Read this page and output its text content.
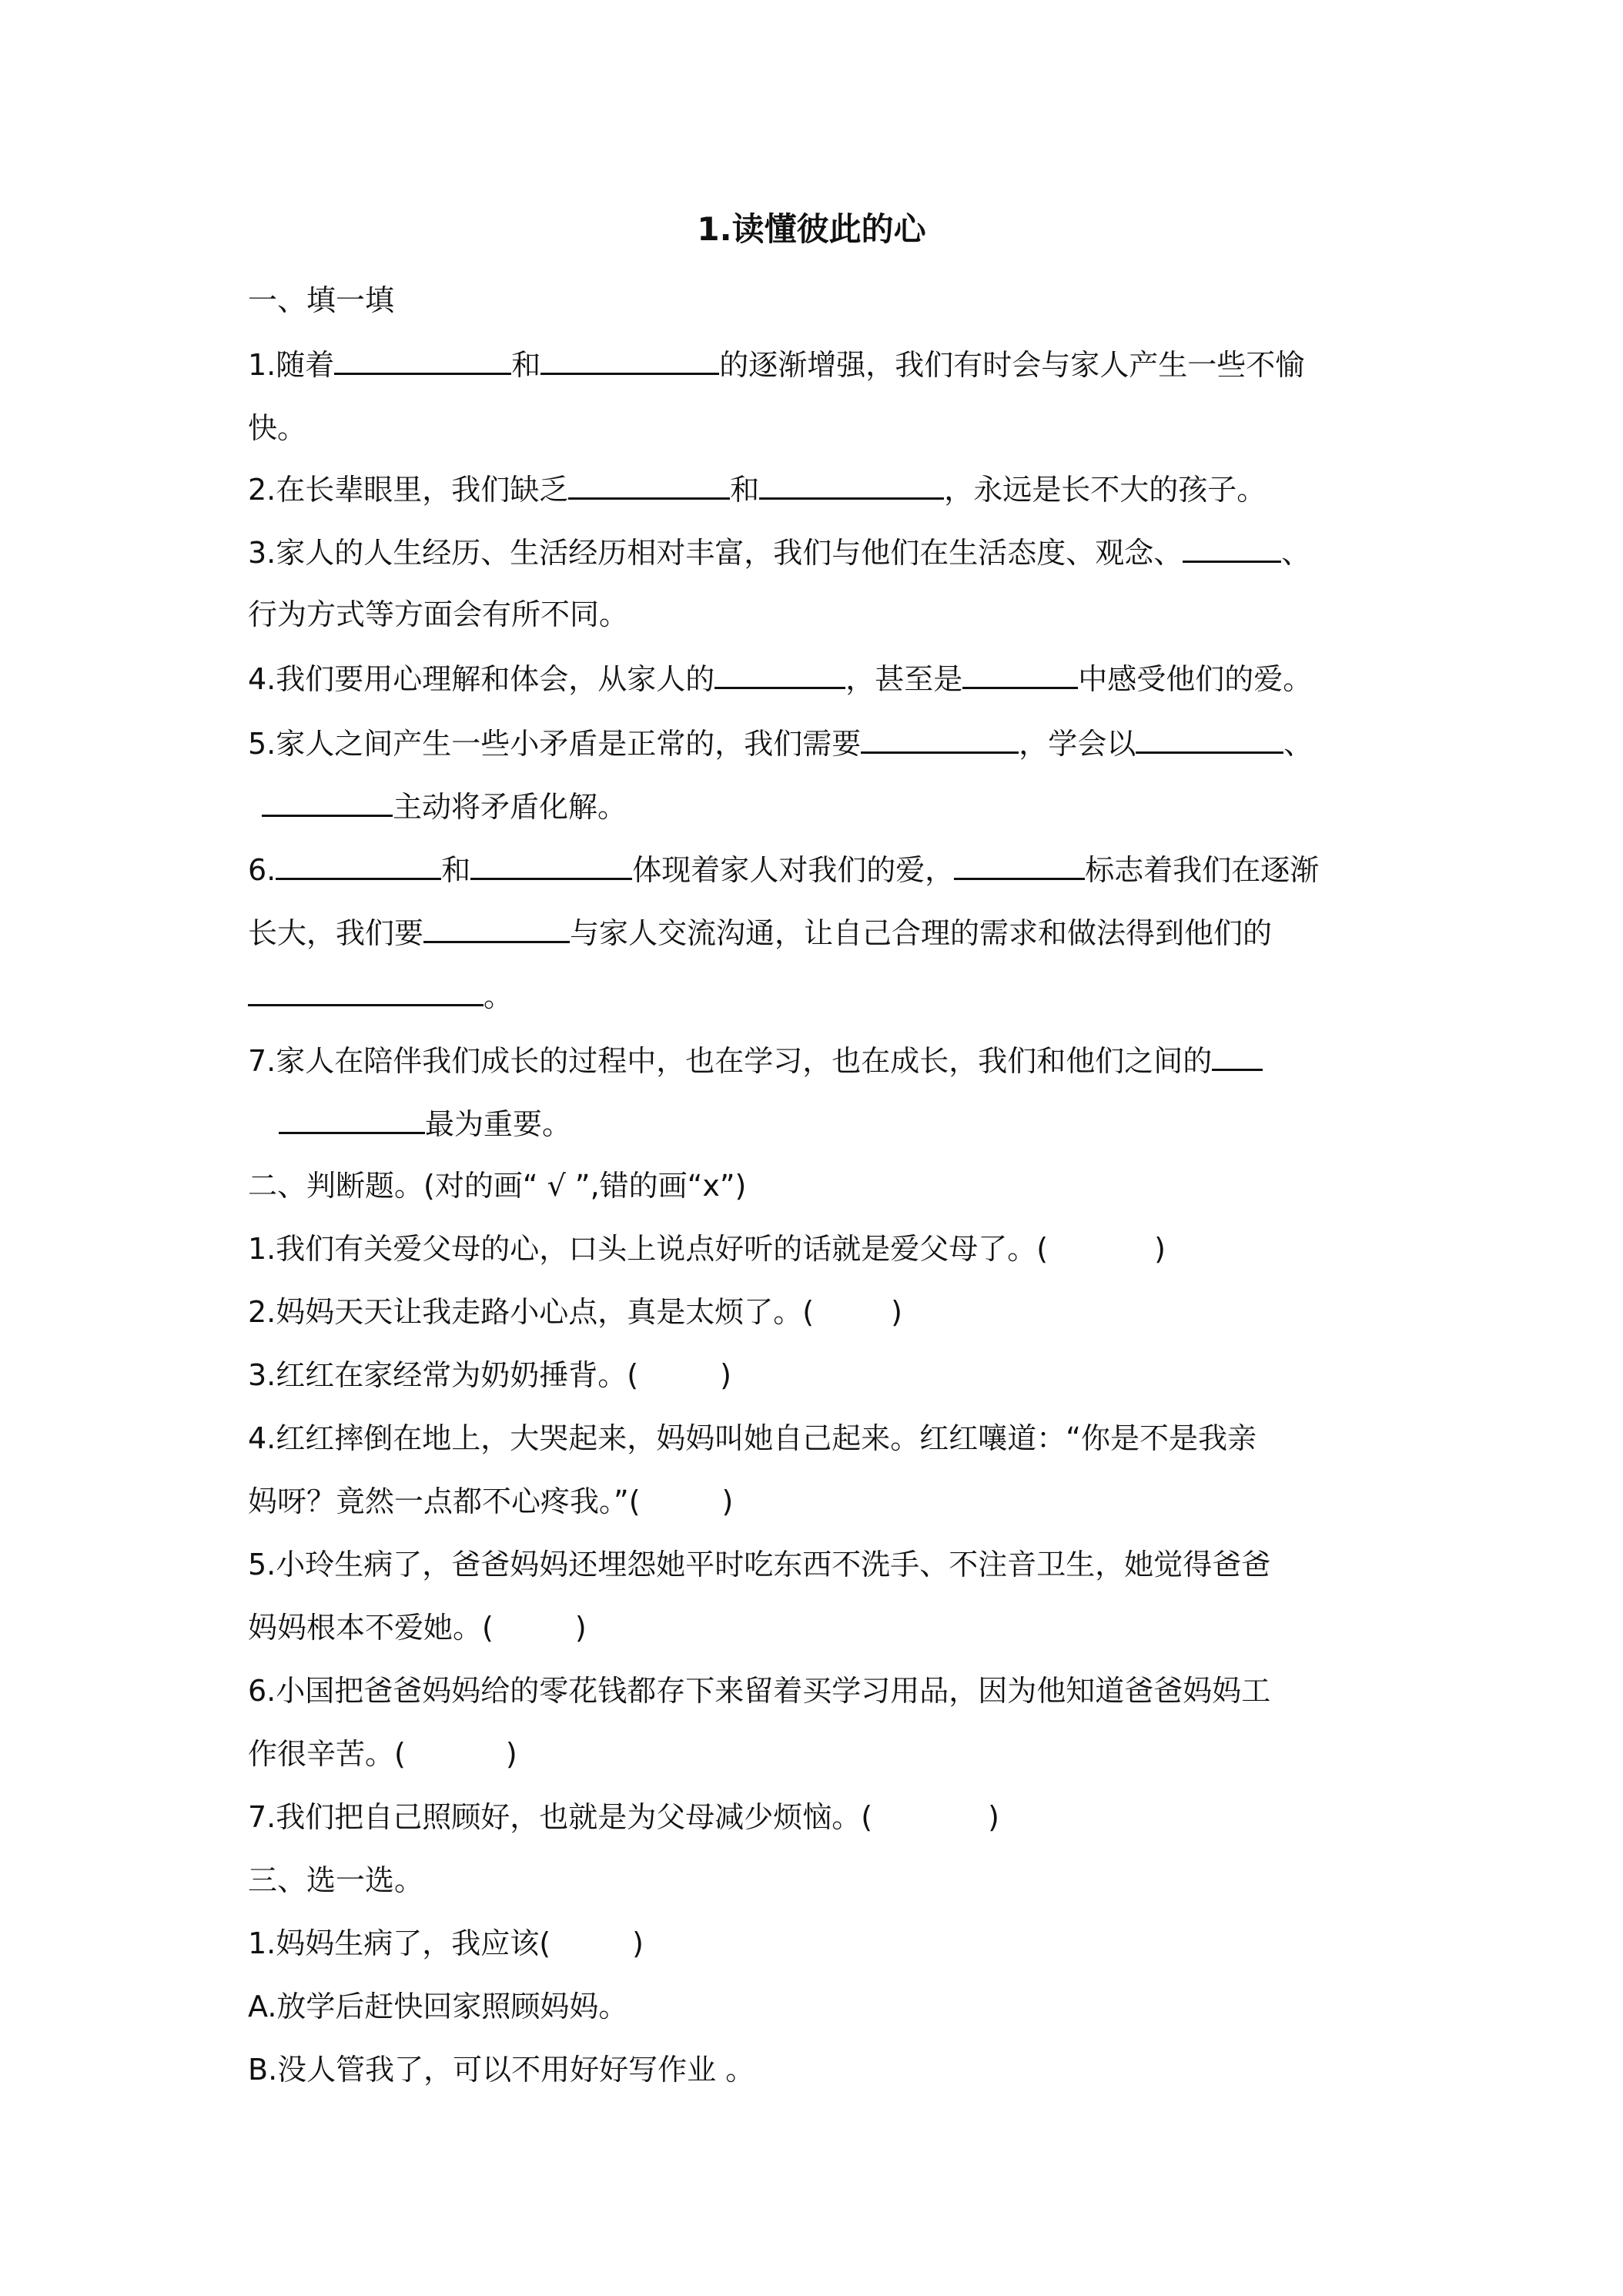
1.读懂彼此的心
一、填一填
1.随着	和	的逐渐增强，我们有时会与家人产生一些不愉
快。
2.在长辈眼里，我们缺乏	和	，永远是长不大的孩子。
3.家人的人生经历、生活经历相对丰富，我们与他们在生活态度、观念、	、
行为方式等方面会有所不同。
4.我们要用心理解和体会，从家人的	，甚至是	中感受他们的爱。
5.家人之间产生一些小矛盾是正常的，我们需要	，学会以	、
主动将矛盾化解。
6.	和	体现着家人对我们的爱，	标志着我们在逐渐
长大，我们要	与家人交流沟通，让自己合理的需求和做法得到他们的
。
7.家人在陪伴我们成长的过程中，也在学习，也在成长，我们和他们之间的
最为重要。
二、判断题。(对的画“ √ ”,错的画“x”)
1.我们有关爱父母的心，口头上说点好听的话就是爱父母了。(	)
2.妈妈天天让我走路小心点，真是太烦了。(	)
3.红红在家经常为奶奶捶背。(	)
4.红红摔倒在地上，大哭起来，妈妈叫她自己起来。红红嚷道：“你是不是我亲
妈呀？竟然一点都不心疼我。”(	)
5.小玲生病了，爸爸妈妈还埋怨她平时吃东西不洗手、不注音卫生，她觉得爸爸
妈妈根本不爱她。(	)
6.小国把爸爸妈妈给的零花钱都存下来留着买学习用品，因为他知道爸爸妈妈工
作很辛苦。(	)
7.我们把自己照顾好，也就是为父母减少烦恼。(	)
三、选一选。
1.妈妈生病了，我应该(	)
A.放学后赶快回家照顾妈妈。
B.没人管我了，可以不用好好写作业 。
